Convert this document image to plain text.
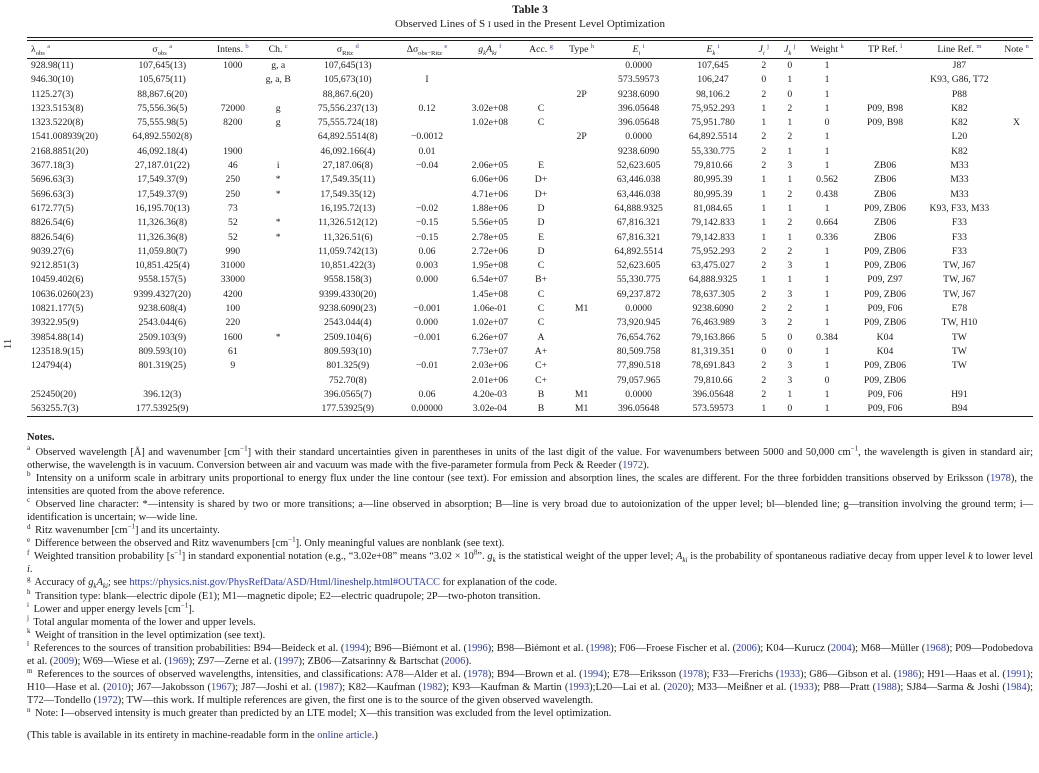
11
Table 3
Observed Lines of S I used in the Present Level Optimization
$\lambda_{obs}$ $^a$	$\sigma_{obs}$ $^a$	Intens. $^b$	Ch. $^c$	$\sigma_{Ritz}$ $^d$	$\Delta\sigma_{obs-Ritz}$ $^e$	$g_kA_{ki}$ $^f$	Acc. $^g$	Type $^h$	$E_i$ $^i$	$E_k$ $^i$	$J_i$ $^j$	$J_k$ $^j$	Weight $^k$	TP Ref. $^l$	Line Ref. $^m$	Note $^n$
928.98(11)	107,645(13)	1000	g, a	107,645(13)					0.0000	107,645	2	0	1		J87	
946.30(10)	105,675(11)		g, a, B	105,673(10)	I				573.59573	106,247	0	1	1		K93, G86, T72	
1125.27(3)	88,867.6(20)			88,867.6(20)				2P	9238.6090	98,106.2	2	0	1		P88	
1323.5153(8)	75,556.36(5)	72000	g	75,556.237(13)	0.12	3.02e+08	C		396.05648	75,952.293	1	2	1	P09, B98	K82	
1323.5220(8)	75,555.98(5)	8200	g	75,555.724(18)		1.02e+08	C		396.05648	75,951.780	1	1	0	P09, B98	K82	X
1541.008939(20)	64,892.5502(8)			64,892.5514(8)	−0.0012			2P	0.0000	64,892.5514	2	2	1		L20	
2168.8851(20)	46,092.18(4)	1900		46,092.166(4)	0.01				9238.6090	55,330.775	2	1	1		K82	
3677.18(3)	27,187.01(22)	46	i	27,187.06(8)	−0.04	2.06e+05	E		52,623.605	79,810.66	2	3	1	ZB06	M33	
5696.63(3)	17,549.37(9)	250	*	17,549.35(11)		6.06e+06	D+		63,446.038	80,995.39	1	1	0.562	ZB06	M33	
5696.63(3)	17,549.37(9)	250	*	17,549.35(12)		4.71e+06	D+		63,446.038	80,995.39	1	2	0.438	ZB06	M33	
6172.77(5)	16,195.70(13)	73		16,195.72(13)	−0.02	1.88e+06	D		64,888.9325	81,084.65	1	1	1	P09, ZB06	K93, F33, M33	
8826.54(6)	11,326.36(8)	52	*	11,326.512(12)	−0.15	5.56e+05	D		67,816.321	79,142.833	1	2	0.664	ZB06	F33	
8826.54(6)	11,326.36(8)	52	*	11,326.51(6)	−0.15	2.78e+05	E		67,816.321	79,142.833	1	1	0.336	ZB06	F33	
9039.27(6)	11,059.80(7)	990		11,059.742(13)	0.06	2.72e+06	D		64,892.5514	75,952.293	2	2	1	P09, ZB06	F33	
9212.851(3)	10,851.425(4)	31000		10,851.422(3)	0.003	1.95e+08	C		52,623.605	63,475.027	2	3	1	P09, ZB06	TW, J67	
10459.402(6)	9558.157(5)	33000		9558.158(3)	0.000	6.54e+07	B+		55,330.775	64,888.9325	1	1	1	P09, Z97	TW, J67	
10636.0260(23)	9399.4327(20)	4200		9399.4330(20)		1.45e+08	C		69,237.872	78,637.305	2	3	1	P09, ZB06	TW, J67	
10821.177(5)	9238.608(4)	100		9238.6090(23)	−0.001	1.06e-01	C	M1	0.0000	9238.6090	2	2	1	P09, F06	E78	
39322.95(9)	2543.044(6)	220		2543.044(4)	0.000	1.02e+07	C		73,920.945	76,463.989	3	2	1	P09, ZB06	TW, H10	
39854.88(14)	2509.103(9)	1600	*	2509.104(6)	−0.001	6.26e+07	A		76,654.762	79,163.866	5	0	0.384	K04	TW	
123518.9(15)	809.593(10)	61		809.593(10)		7.73e+07	A+		80,509.758	81,319.351	0	0	1	K04	TW	
124794(4)	801.319(25)	9		801.325(9)	−0.01	2.03e+06	C+		77,890.518	78,691.843	2	3	1	P09, ZB06	TW	
				752.70(8)		2.01e+06	C+		79,057.965	79,810.66	2	3	0	P09, ZB06		
252450(20)	396.12(3)			396.0565(7)	0.06	4.20e-03	B	M1	0.0000	396.05648	2	1	1	P09, F06	H91	
563255.7(3)	177.53925(9)			177.53925(9)	0.00000	3.02e-04	B	M1	396.05648	573.59573	1	0	1	P09, F06	B94	
Notes.
$^a$ Observed wavelength [Å] and wavenumber $[cm^{-1}]$ with their standard uncertainties given in parentheses in units of the last digit of the value. For wavenumbers between 5000 and 50,000 $cm^{-1}$, the wavelength is given in standard air; otherwise, the wavelength is in vacuum. Conversion between air and vacuum was made with the five-parameter formula from Peck & Reeder (1972).
$^b$ Intensity on a uniform scale in arbitrary units proportional to energy flux under the line contour (see text). For emission and absorption lines, the scales are different. For the three forbidden transitions observed by Eriksson (1978), the intensities are quoted from the above reference.
$^c$ Observed line character: *—intensity is shared by two or more transitions; a—line observed in absorption; B—line is very broad due to autoionization of the upper level; bl—blended line; g—transition involving the ground term; i—identification is uncertain; w—wide line.
$^d$ Ritz wavenumber $[cm^{-1}]$ and its uncertainty.
$^e$ Difference between the observed and Ritz wavenumbers $[cm^{-1}]$. Only meaningful values are nonblank (see text).
$^f$ Weighted transition probability $[s^{-1}]$ in standard exponential notation (e.g., “3.02e+08” means “$3.02 \times 10^8$”. $g_k$ is the statistical weight of the upper level; $A_{ki}$ is the probability of spontaneous radiative decay from upper level k to lower level i.
$^g$ Accuracy of $g_kA_{ki}$; see https://physics.nist.gov/PhysRefData/ASD/Html/lineshelp.html#OUTACC for explanation of the code.
$^h$ Transition type: blank—electric dipole (E1); M1—magnetic dipole; E2—electric quadrupole; 2P—two-photon transition.
$^i$ Lower and upper energy levels $[cm^{-1}]$.
$^j$ Total angular momenta of the lower and upper levels.
$^k$ Weight of transition in the level optimization (see text).
$^l$ References to the sources of transition probabilities: B94—Beideck et al. (1994); B96—Biémont et al. (1996); B98—Biémont et al. (1998); F06—Froese Fischer et al. (2006); K04—Kurucz (2004); M68—Müller (1968); P09—Podobedova et al. (2009); W69—Wiese et al. (1969); Z97—Zerne et al. (1997); ZB06—Zatsarinny & Bartschat (2006).
$^m$ References to the sources of observed wavelengths, intensities, and classifications: A78—Alder et al. (1978); B94—Brown et al. (1994); E78—Eriksson (1978); F33—Frerichs (1933); G86—Gibson et al. (1986); H91—Haas et al. (1991); H10—Hase et al. (2010); J67—Jakobsson (1967); J87—Joshi et al. (1987); K82—Kaufman (1982); K93—Kaufman & Martin (1993);L20—Lai et al. (2020); M33—Meißner et al. (1933); P88—Pratt (1988); SJ84—Sarma & Joshi (1984); T72—Tondello (1972); TW—this work. If multiple references are given, the first one is to the source of the given observed wavelength.
$^n$ Note: I—observed intensity is much greater than predicted by an LTE model; X—this transition was excluded from the level optimization.
(This table is available in its entirety in machine-readable form in the online article.)
